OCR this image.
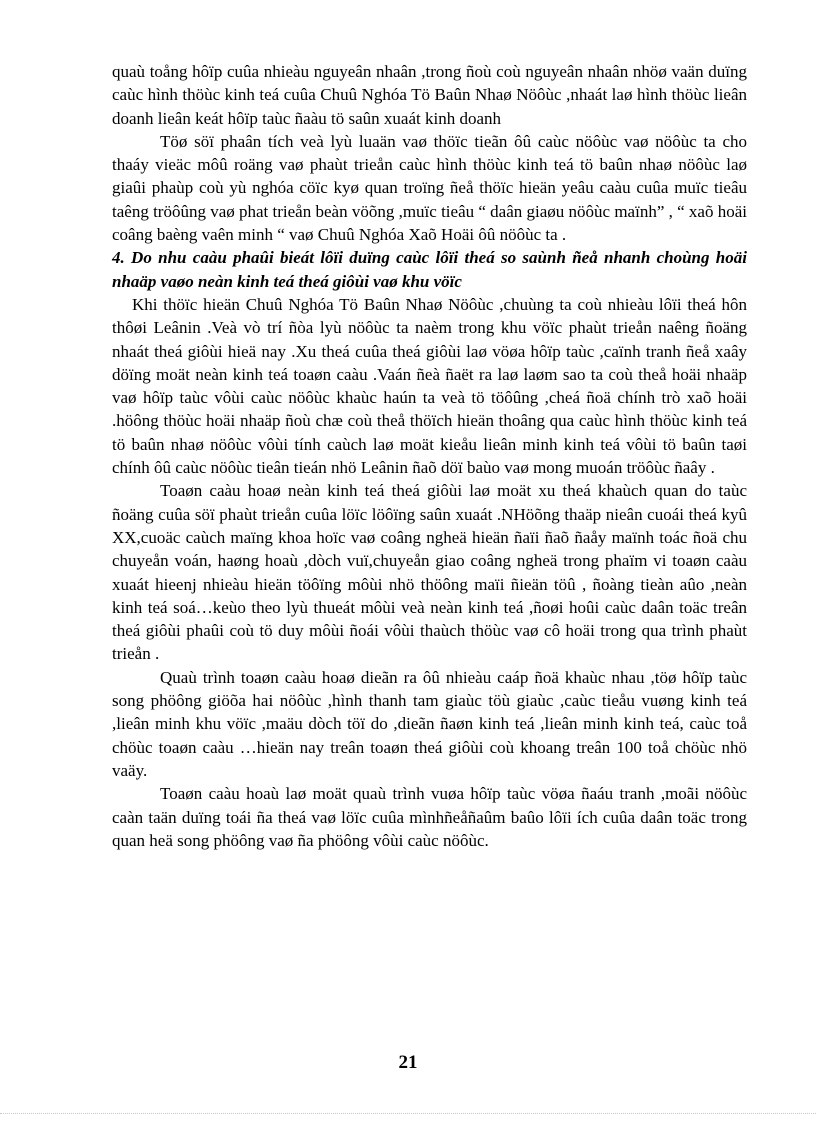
quaù toång hôïp cuûa nhieàu nguyeân nhaân ,trong ñoù coù nguyeân nhaân nhöø vaän duïng caùc hình thöùc kinh teá cuûa Chuû Nghóa Tö Baûn Nhaø Nöôùc ,nhaát laø hình thöùc lieân doanh lieân keát hôïp taùc ñaàu tö saûn xuaát kinh doanh

Töø söï phaân tích veà lyù luaän vaø thöïc tieãn ôû caùc nöôùc vaø nöôùc ta cho thaáy vieäc môû roäng vaø phaùt trieån caùc hình thöùc kinh teá tö baûn nhaø nöôùc laø giaûi phaùp coù yù nghóa cöïc kyø quan troïng ñeå thöïc hieän yeâu caàu cuûa muïc tieâu taêng tröôûng vaø phat trieån beàn vöõng ,muïc tieâu “ daân giaøu nöôùc maïnh” , “ xaõ hoäi coâng baèng vaên minh “ vaø Chuû Nghóa Xaõ Hoäi ôû nöôùc ta .

4. Do nhu caàu phaûi bieát lôïi duïng caùc lôïi theá so saùnh ñeå nhanh choùng hoäi nhaäp vaøo neàn kinh teá theá giôùi vaø khu vöïc

Khi thöïc hieän Chuû Nghóa Tö Baûn Nhaø Nöôùc ,chuùng ta coù nhieàu lôïi theá hôn thôøi Leânin .Veà vò trí ñòa lyù nöôùc ta naèm trong khu vöïc phaùt trieån naêng ñoäng nhaát theá giôùi hieä nay .Xu theá cuûa theá giôùi laø vöøa hôïp taùc ,caïnh tranh ñeå xaây döïng moät neàn kinh teá toaøn caàu .Vaán ñeà ñaët ra laø laøm sao ta coù theå hoäi nhaäp vaø hôïp taùc vôùi caùc nöôùc khaùc haún ta veà tö töôûng ,cheá ñoä chính trò xaõ hoäi .höông thöùc hoäi nhaäp ñoù chæ coù theå thöïch hieän thoâng qua caùc hình thöùc kinh teá tö baûn nhaø nöôùc vôùi tính caùch laø moät kieåu lieân minh kinh teá vôùi tö baûn taøi chính ôû caùc nöôùc tieân tieán nhö Leânin ñaõ döï baùo vaø mong muoán tröôùc ñaây .

Toaøn caàu hoaø neàn kinh teá theá giôùi laø moät xu theá khaùch quan do taùc ñoäng cuûa söï phaùt trieån cuûa löïc löôïng saûn xuaát .NHöõng thaäp nieân cuoái theá kyû XX,cuoäc caùch maïng khoa hoïc vaø coâng ngheä hieän ñaïi ñaõ ñaåy maïnh toác ñoä chu chuyeån voán, haøng hoaù ,dòch vuï,chuyeån giao coâng ngheä trong phaïm vi toaøn caàu xuaát hieenj nhieàu hieän töôïng môùi nhö thöông maïi ñieän töû , ñoàng tieàn aûo ,neàn kinh teá soá…keùo theo lyù thueát môùi veà neàn kinh teá ,ñoøi hoûi caùc daân toäc treân theá giôùi phaûi coù tö duy môùi ñoái vôùi thaùch thöùc vaø cô hoäi trong qua trình phaùt trieån .

Quaù trình toaøn caàu hoaø dieãn ra ôû nhieàu caáp ñoä khaùc nhau ,töø hôïp taùc song phöông giöõa hai nöôùc ,hình thanh tam giaùc töù giaùc ,caùc tieåu vuøng kinh teá ,lieân minh khu vöïc ,maäu dòch töï do ,dieãn ñaøn kinh teá ,lieân minh kinh teá, caùc toå chöùc toaøn caàu …hieän nay treân toaøn theá giôùi coù khoang treân 100 toå chöùc nhö vaäy.

Toaøn caàu hoaù laø moät quaù trình vuøa hôïp taùc vöøa ñaáu tranh ,moãi nöôùc caàn taän duïng toái ña theá vaø löïc cuûa mìnhñeåñaûm baûo lôïi ích cuûa daân toäc trong quan heä song phöông vaø ña phöông vôùi caùc nöôùc.

21
